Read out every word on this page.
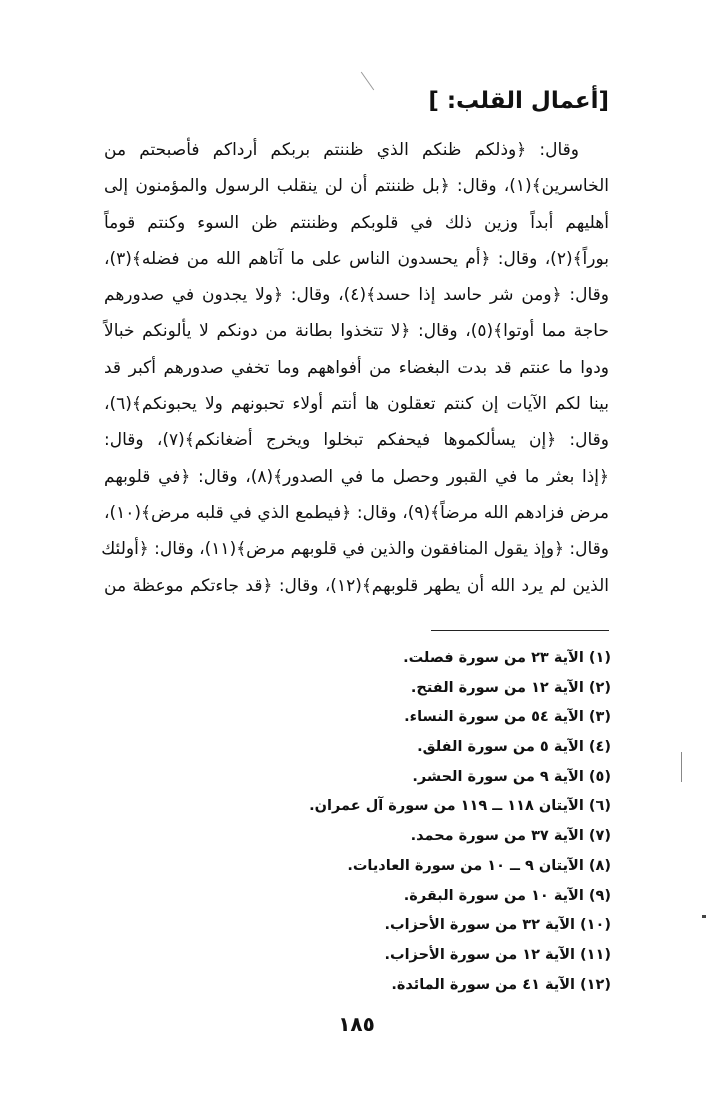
[أعمال القلب: ]
وقال: ﴿وذلكم ظنكم الذي ظننتم بربكم أرداكم فأصبحتم من
الخاسرين﴾(١)، وقال: ﴿بل ظننتم أن لن ينقلب الرسول والمؤمنون إلى
أهليهم أبداً وزين ذلك في قلوبكم وظننتم ظن السوء وكنتم قوماً
بوراً﴾(٢)، وقال: ﴿أم يحسدون الناس على ما آتاهم الله من فضله﴾(٣)،
وقال: ﴿ومن شر حاسد إذا حسد﴾(٤)، وقال: ﴿ولا يجدون في صدورهم
حاجة مما أوتوا﴾(٥)، وقال: ﴿لا تتخذوا بطانة من دونكم لا يألونكم خبالاً
ودوا ما عنتم قد بدت البغضاء من أفواههم وما تخفي صدورهم أكبر قد
بينا لكم الآيات إن كنتم تعقلون ها أنتم أولاء تحبونهم ولا يحبونكم﴾(٦)،
وقال: ﴿إن يسألكموها فيحفكم تبخلوا ويخرج أضغانكم﴾(٧)، وقال:
﴿إذا بعثر ما في القبور وحصل ما في الصدور﴾(٨)، وقال: ﴿في قلوبهم
مرض فزادهم الله مرضاً﴾(٩)، وقال: ﴿فيطمع الذي في قلبه مرض﴾(١٠)،
وقال: ﴿وإذ يقول المنافقون والذين في قلوبهم مرض﴾(١١)، وقال: ﴿أولئك
الذين لم يرد الله أن يطهر قلوبهم﴾(١٢)، وقال: ﴿قد جاءتكم موعظة من
(١) الآية ٢٣ من سورة فصلت.
(٢) الآية ١٢ من سورة الفتح.
(٣) الآية ٥٤ من سورة النساء.
(٤) الآية ٥ من سورة الفلق.
(٥) الآية ٩ من سورة الحشر.
(٦) الآيتان ١١٨ ــ ١١٩ من سورة آل عمران.
(٧) الآية ٣٧ من سورة محمد.
(٨) الآيتان ٩ ــ ١٠ من سورة العاديات.
(٩) الآية ١٠ من سورة البقرة.
(١٠) الآية ٣٢ من سورة الأحزاب.
(١١) الآية ١٢ من سورة الأحزاب.
(١٢) الآية ٤١ من سورة المائدة.
١٨٥
